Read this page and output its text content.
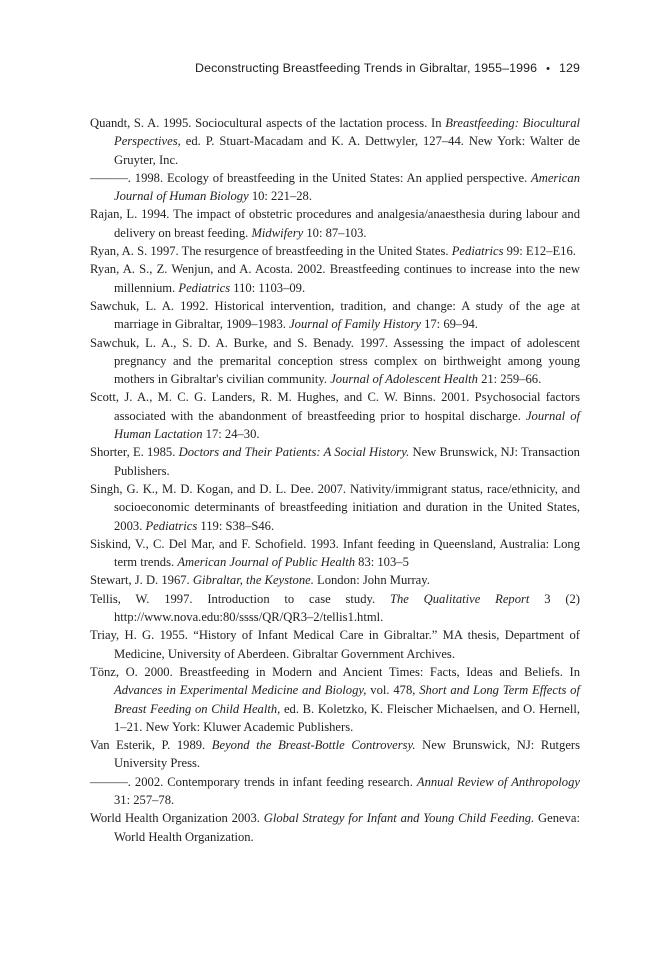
Deconstructing Breastfeeding Trends in Gibraltar, 1955–1996 • 129

Quandt, S. A. 1995. Sociocultural aspects of the lactation process. In Breastfeeding: Biocultural Perspectives, ed. P. Stuart-Macadam and K. A. Dettwyler, 127–44. New York: Walter de Gruyter, Inc.

———. 1998. Ecology of breastfeeding in the United States: An applied perspective. American Journal of Human Biology 10: 221–28.

Rajan, L. 1994. The impact of obstetric procedures and analgesia/anaesthesia during labour and delivery on breast feeding. Midwifery 10: 87–103.

Ryan, A. S. 1997. The resurgence of breastfeeding in the United States. Pediatrics 99: E12–E16.

Ryan, A. S., Z. Wenjun, and A. Acosta. 2002. Breastfeeding continues to increase into the new millennium. Pediatrics 110: 1103–09.

Sawchuk, L. A. 1992. Historical intervention, tradition, and change: A study of the age at marriage in Gibraltar, 1909–1983. Journal of Family History 17: 69–94.

Sawchuk, L. A., S. D. A. Burke, and S. Benady. 1997. Assessing the impact of adolescent pregnancy and the premarital conception stress complex on birthweight among young mothers in Gibraltar's civilian community. Journal of Adolescent Health 21: 259–66.

Scott, J. A., M. C. G. Landers, R. M. Hughes, and C. W. Binns. 2001. Psychosocial factors associated with the abandonment of breastfeeding prior to hospital discharge. Journal of Human Lactation 17: 24–30.

Shorter, E. 1985. Doctors and Their Patients: A Social History. New Brunswick, NJ: Transaction Publishers.

Singh, G. K., M. D. Kogan, and D. L. Dee. 2007. Nativity/immigrant status, race/ethnicity, and socioeconomic determinants of breastfeeding initiation and duration in the United States, 2003. Pediatrics 119: S38–S46.

Siskind, V., C. Del Mar, and F. Schofield. 1993. Infant feeding in Queensland, Australia: Long term trends. American Journal of Public Health 83: 103–5

Stewart, J. D. 1967. Gibraltar, the Keystone. London: John Murray.

Tellis, W. 1997. Introduction to case study. The Qualitative Report 3 (2) http://www.nova.edu:80/ssss/QR/QR3–2/tellis1.html.

Triay, H. G. 1955. “History of Infant Medical Care in Gibraltar.” MA thesis, Department of Medicine, University of Aberdeen. Gibraltar Government Archives.

Tönz, O. 2000. Breastfeeding in Modern and Ancient Times: Facts, Ideas and Beliefs. In Advances in Experimental Medicine and Biology, vol. 478, Short and Long Term Effects of Breast Feeding on Child Health, ed. B. Koletzko, K. Fleischer Michaelsen, and O. Hernell, 1–21. New York: Kluwer Academic Publishers.

Van Esterik, P. 1989. Beyond the Breast-Bottle Controversy. New Brunswick, NJ: Rutgers University Press.

———. 2002. Contemporary trends in infant feeding research. Annual Review of Anthropology 31: 257–78.

World Health Organization 2003. Global Strategy for Infant and Young Child Feeding. Geneva: World Health Organization.
